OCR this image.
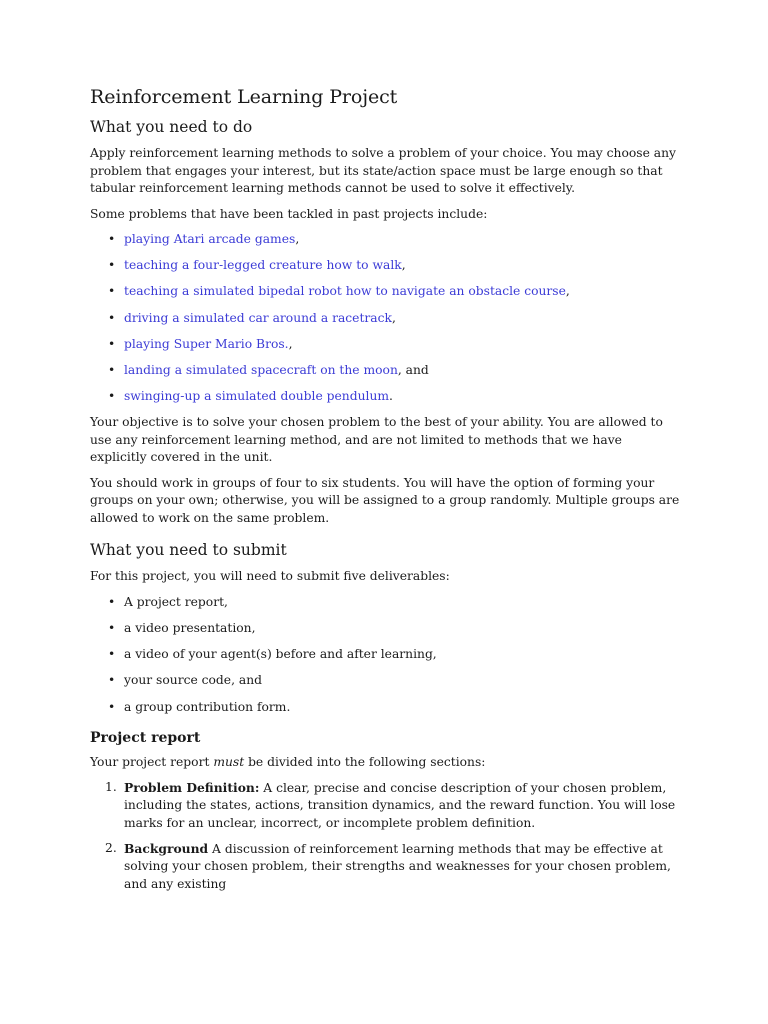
Reinforcement Learning Project
What you need to do

Apply reinforcement learning methods to solve a problem of your choice. You may choose any problem that engages your interest, but its state/action space must be large enough so that tabular reinforcement learning methods cannot be used to solve it effectively.

Some problems that have been tackled in past projects include:

• playing Atari arcade games,
• teaching a four-legged creature how to walk,
• teaching a simulated bipedal robot how to navigate an obstacle course,
• driving a simulated car around a racetrack,
• playing Super Mario Bros.,
• landing a simulated spacecraft on the moon, and
• swinging-up a simulated double pendulum.

Your objective is to solve your chosen problem to the best of your ability. You are allowed to use any reinforcement learning method, and are not limited to methods that we have explicitly covered in the unit.

You should work in groups of four to six students. You will have the option of forming your groups on your own; otherwise, you will be assigned to a group randomly. Multiple groups are allowed to work on the same problem.

What you need to submit

For this project, you will need to submit five deliverables:

• A project report,
• a video presentation,
• a video of your agent(s) before and after learning,
• your source code, and
• a group contribution form.
Project report

Your project report must be divided into the following sections:

1. Problem Definition: A clear, precise and concise description of your chosen problem, including the states, actions, transition dynamics, and the reward function. You will lose marks for an unclear, incorrect, or incomplete problem definition.
2. Background A discussion of reinforcement learning methods that may be effective at solving your chosen problem, their strengths and weaknesses for your chosen problem, and any existing
